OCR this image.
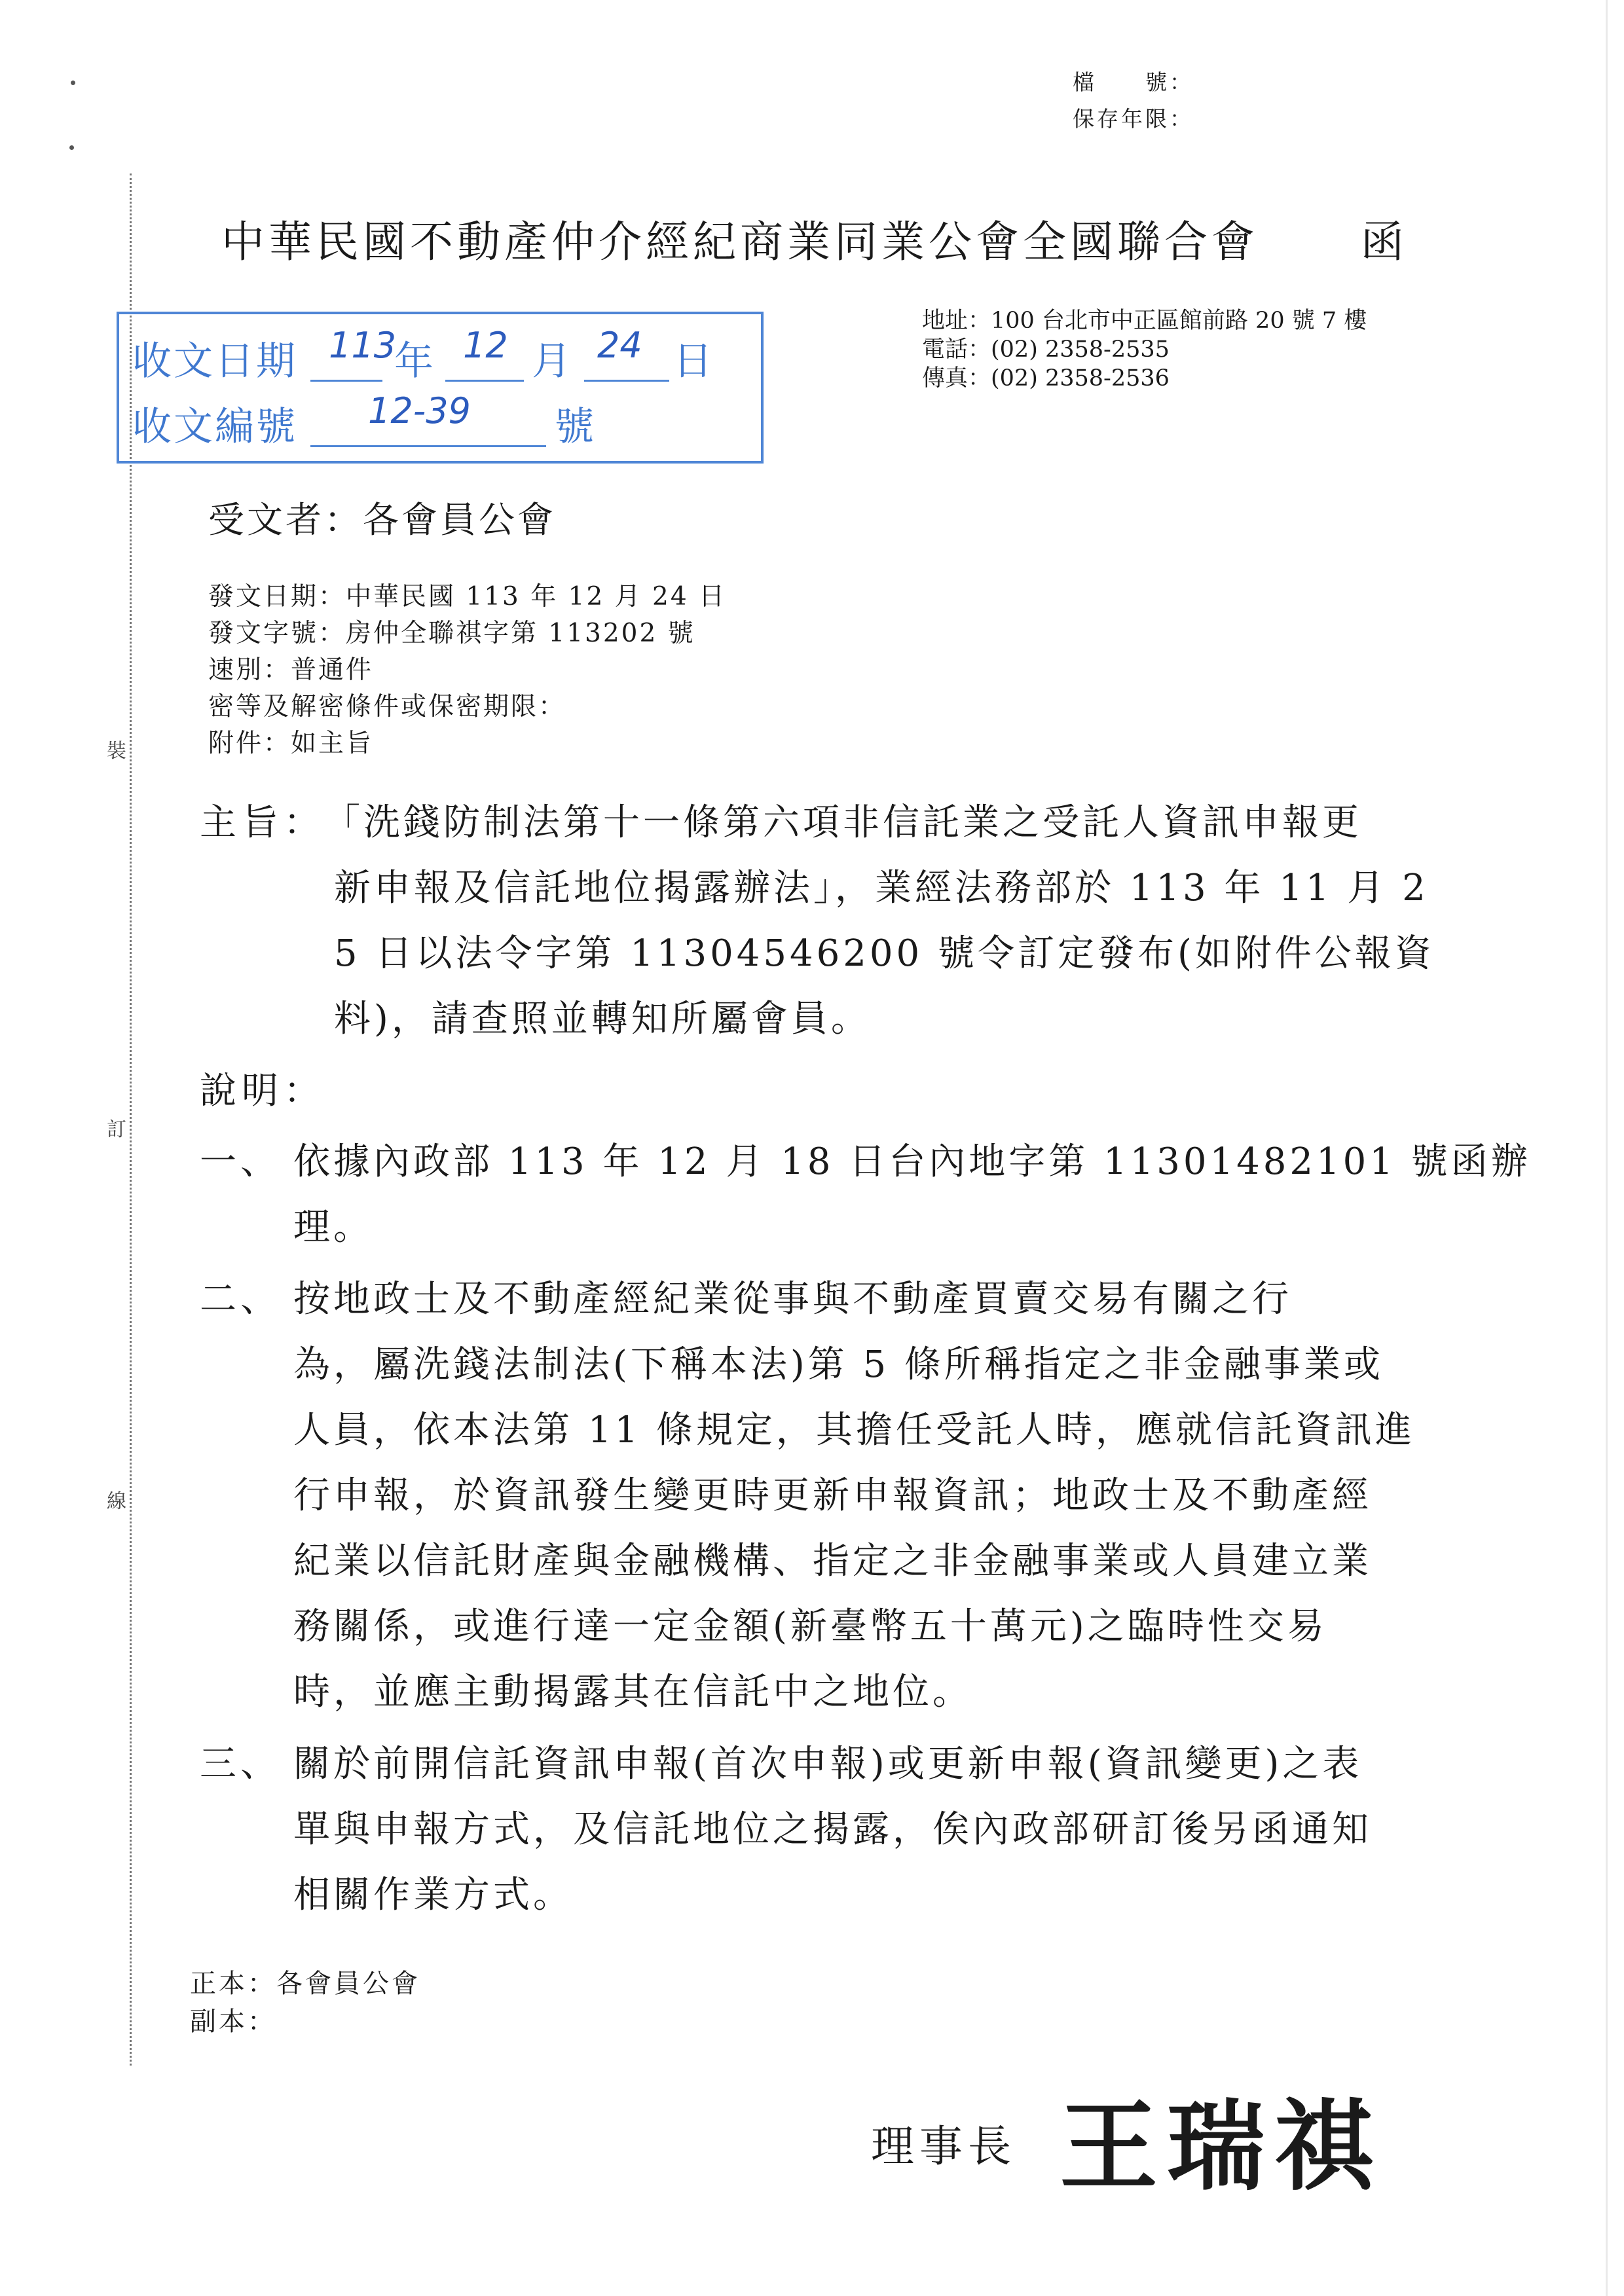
裝
訂
線
檔　　號：
保存年限：
中華民國不動產仲介經紀商業同業公會全國聯合會 函
收文日期 113
年 12 月 24 日
收文編號 12-39 號
地址：100 台北市中正區館前路 20 號 7 樓
電話：(02) 2358-2535
傳真：(02) 2358-2536
受文者：各會員公會
發文日期：中華民國 113 年 12 月 24 日
發文字號：房仲全聯祺字第 113202 號
速別：普通件
密等及解密條件或保密期限：
附件：如主旨
主旨：
「洗錢防制法第十一條第六項非信託業之受託人資訊申報更
新申報及信託地位揭露辦法」，業經法務部於 113 年 11 月 2
5 日以法令字第 11304546200 號令訂定發布(如附件公報資
料)，請查照並轉知所屬會員。
說明：
一、 依據內政部 113 年 12 月 18 日台內地字第 11301482101 號函辦
理。
二、 按地政士及不動產經紀業從事與不動產買賣交易有關之行
為，屬洗錢法制法(下稱本法)第 5 條所稱指定之非金融事業或
人員，依本法第 11 條規定，其擔任受託人時，應就信託資訊進
行申報，於資訊發生變更時更新申報資訊；地政士及不動產經
紀業以信託財產與金融機構、指定之非金融事業或人員建立業
務關係，或進行達一定金額(新臺幣五十萬元)之臨時性交易
時，並應主動揭露其在信託中之地位。
三、 關於前開信託資訊申報(首次申報)或更新申報(資訊變更)之表
單與申報方式，及信託地位之揭露，俟內政部研訂後另函通知
相關作業方式。
正本：各會員公會
副本：
理事長 王瑞祺
